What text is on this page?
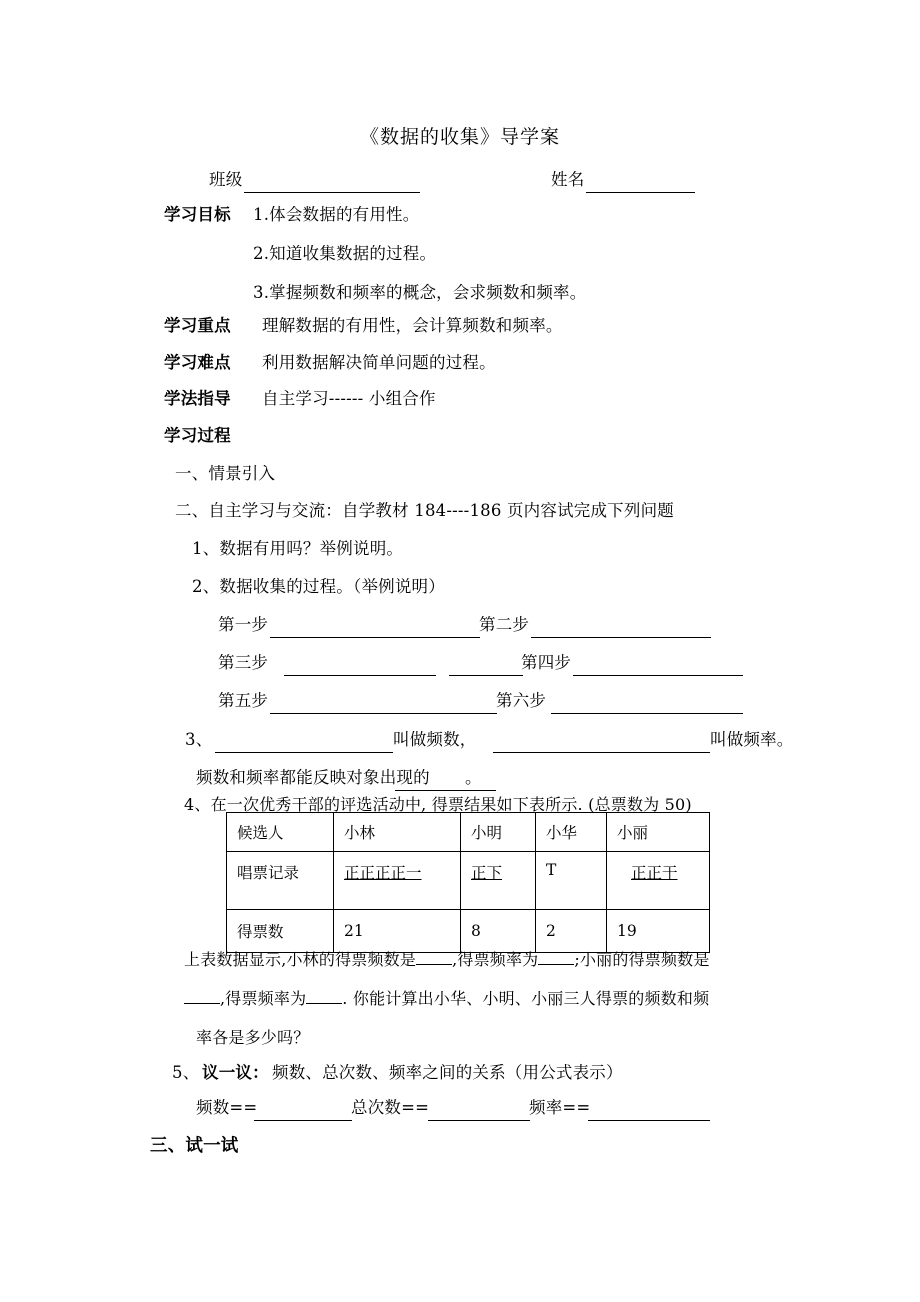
《数据的收集》导学案
班级	姓名
学习目标 1.体会数据的有用性。
2.知道收集数据的过程。
3.掌握频数和频率的概念，会求频数和频率。
学习重点 理解数据的有用性，会计算频数和频率。
学习难点 利用数据解决简单问题的过程。
学法指导 自主学习------ 小组合作
学习过程
一、情景引入
二、自主学习与交流：自学教材 184----186 页内容试完成下列问题
1、数据有用吗？举例说明。
2、数据收集的过程。（举例说明）
第一步	第二步
第三步	第四步
第五步	第六步
3、	叫做频数，	叫做频率。
频数和频率都能反映对象出现的 。
4、在一次优秀干部的评选活动中, 得票结果如下表所示. (总票数为 50)
候选人	小林	小明	小华	小丽
唱票记录	正正正正一	正下	T	正正干
得票数	21	8	2	19
上表数据显示,小林的得票频数是 ,得票频率为 ;小丽的得票频数是
,得票频率为 . 你能计算出小华、小明、小丽三人得票的频数和频
率各是多少吗？
5、 议一议： 频数、总次数、频率之间的关系（用公式表示）
频数==	总次数==	频率==
三、试一试
